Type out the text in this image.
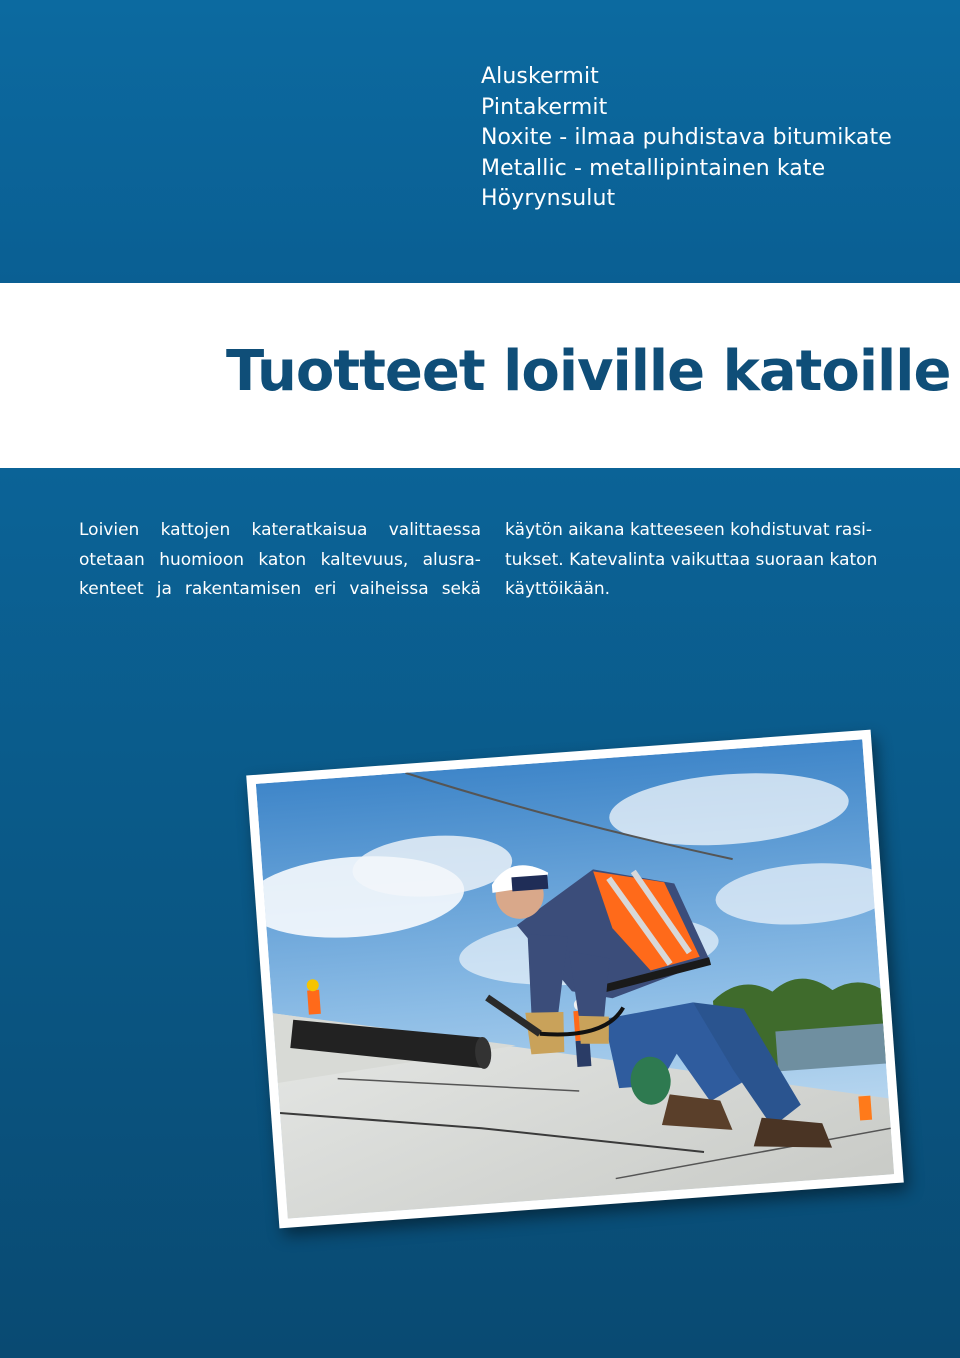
Aluskermit
Pintakermit
Noxite - ilmaa puhdistava bitumikate
Metallic - metallipintainen kate
Höyrynsulut
Tuotteet loiville katoille

Loivien kattojen kateratkaisua valittaessa
otetaan huomioon katon kaltevuus, alusra-
kenteet ja rakentamisen eri vaiheissa sekä

käytön aikana katteeseen kohdistuvat rasi-
tukset. Katevalinta vaikuttaa suoraan katon
käyttöikään.
